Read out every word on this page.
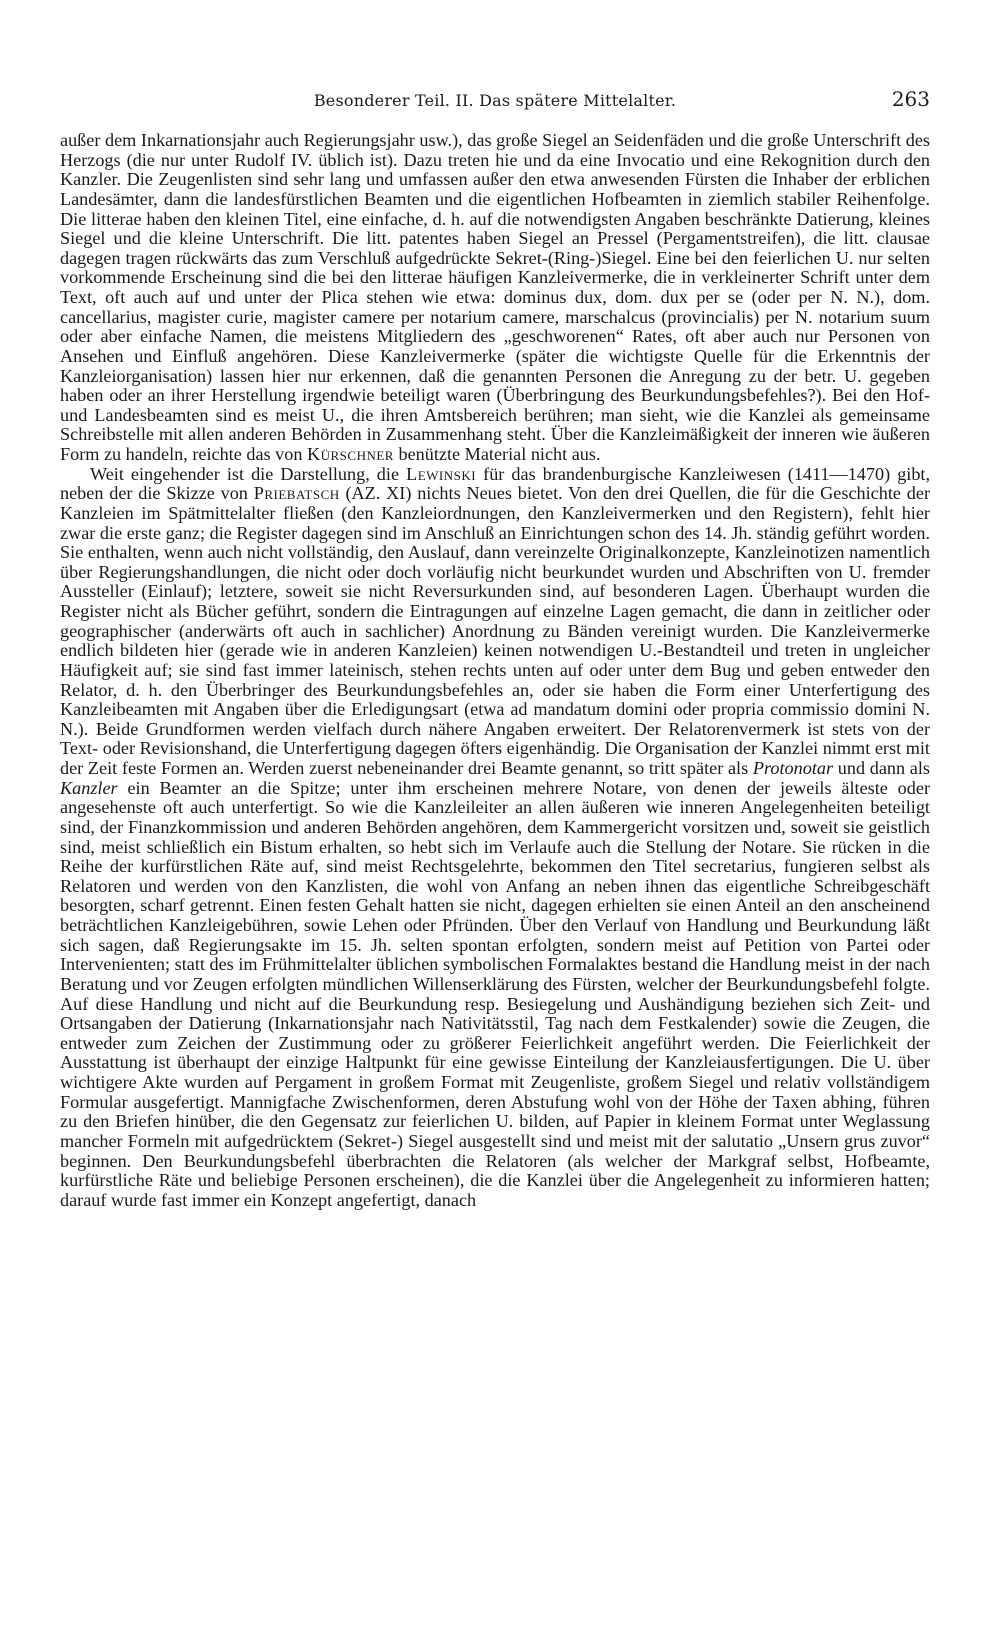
Besonderer Teil. II. Das spätere Mittelalter.	263

außer dem Inkarnationsjahr auch Regierungsjahr usw.), das große Siegel an Seidenfäden und die große Unterschrift des Herzogs (die nur unter Rudolf IV. üblich ist). Dazu treten hie und da eine Invocatio und eine Rekognition durch den Kanzler. Die Zeugenlisten sind sehr lang und umfassen außer den etwa anwesenden Fürsten die Inhaber der erblichen Landesämter, dann die landesfürstlichen Beamten und die eigentlichen Hofbeamten in ziemlich stabiler Reihenfolge. Die litterae haben den kleinen Titel, eine einfache, d. h. auf die notwendigsten Angaben beschränkte Datierung, kleines Siegel und die kleine Unterschrift. Die litt. patentes haben Siegel an Pressel (Pergamentstreifen), die litt. clausae dagegen tragen rückwärts das zum Verschluß aufgedrückte Sekret-(Ring-)Siegel. Eine bei den feierlichen U. nur selten vorkommende Erscheinung sind die bei den litterae häufigen Kanzleivermerke, die in verkleinerter Schrift unter dem Text, oft auch auf und unter der Plica stehen wie etwa: dominus dux, dom. dux per se (oder per N. N.), dom. cancellarius, magister curie, magister camere per notarium camere, marschalcus (provincialis) per N. notarium suum oder aber einfache Namen, die meistens Mitgliedern des „geschworenen“ Rates, oft aber auch nur Personen von Ansehen und Einfluß angehören. Diese Kanzleivermerke (später die wichtigste Quelle für die Erkenntnis der Kanzleiorganisation) lassen hier nur erkennen, daß die genannten Personen die Anregung zu der betr. U. gegeben haben oder an ihrer Herstellung irgendwie beteiligt waren (Überbringung des Beurkundungsbefehles?). Bei den Hof- und Landesbeamten sind es meist U., die ihren Amtsbereich berühren; man sieht, wie die Kanzlei als gemeinsame Schreibstelle mit allen anderen Behörden in Zusammenhang steht. Über die Kanzleimäßigkeit der inneren wie äußeren Form zu handeln, reichte das von Kürschner benützte Material nicht aus.

Weit eingehender ist die Darstellung, die Lewinski für das brandenburgische Kanzleiwesen (1411—1470) gibt, neben der die Skizze von Priebatsch (AZ. XI) nichts Neues bietet. Von den drei Quellen, die für die Geschichte der Kanzleien im Spätmittelalter fließen (den Kanzleiordnungen, den Kanzleivermerken und den Registern), fehlt hier zwar die erste ganz; die Register dagegen sind im Anschluß an Einrichtungen schon des 14. Jh. ständig geführt worden. Sie enthalten, wenn auch nicht vollständig, den Auslauf, dann vereinzelte Originalkonzepte, Kanzleinotizen namentlich über Regierungshandlungen, die nicht oder doch vorläufig nicht beurkundet wurden und Abschriften von U. fremder Aussteller (Einlauf); letztere, soweit sie nicht Reversurkunden sind, auf besonderen Lagen. Überhaupt wurden die Register nicht als Bücher geführt, sondern die Eintragungen auf einzelne Lagen gemacht, die dann in zeitlicher oder geographischer (anderwärts oft auch in sachlicher) Anordnung zu Bänden vereinigt wurden. Die Kanzleivermerke endlich bildeten hier (gerade wie in anderen Kanzleien) keinen notwendigen U.-Bestandteil und treten in ungleicher Häufigkeit auf; sie sind fast immer lateinisch, stehen rechts unten auf oder unter dem Bug und geben entweder den Relator, d. h. den Überbringer des Beurkundungsbefehles an, oder sie haben die Form einer Unterfertigung des Kanzleibeamten mit Angaben über die Erledigungsart (etwa ad mandatum domini oder propria commissio domini N. N.). Beide Grundformen werden vielfach durch nähere Angaben erweitert. Der Relatorenvermerk ist stets von der Text- oder Revisionshand, die Unterfertigung dagegen öfters eigenhändig. Die Organisation der Kanzlei nimmt erst mit der Zeit feste Formen an. Werden zuerst nebeneinander drei Beamte genannt, so tritt später als Protonotar und dann als Kanzler ein Beamter an die Spitze; unter ihm erscheinen mehrere Notare, von denen der jeweils älteste oder angesehenste oft auch unterfertigt. So wie die Kanzleileiter an allen äußeren wie inneren Angelegenheiten beteiligt sind, der Finanzkommission und anderen Behörden angehören, dem Kammergericht vorsitzen und, soweit sie geistlich sind, meist schließlich ein Bistum erhalten, so hebt sich im Verlaufe auch die Stellung der Notare. Sie rücken in die Reihe der kurfürstlichen Räte auf, sind meist Rechtsgelehrte, bekommen den Titel secretarius, fungieren selbst als Relatoren und werden von den Kanzlisten, die wohl von Anfang an neben ihnen das eigentliche Schreibgeschäft besorgten, scharf getrennt. Einen festen Gehalt hatten sie nicht, dagegen erhielten sie einen Anteil an den anscheinend beträchtlichen Kanzleigebühren, sowie Lehen oder Pfründen. Über den Verlauf von Handlung und Beurkundung läßt sich sagen, daß Regierungsakte im 15. Jh. selten spontan erfolgten, sondern meist auf Petition von Partei oder Intervenienten; statt des im Frühmittelalter üblichen symbolischen Formalaktes bestand die Handlung meist in der nach Beratung und vor Zeugen erfolgten mündlichen Willenserklärung des Fürsten, welcher der Beurkundungsbefehl folgte. Auf diese Handlung und nicht auf die Beurkundung resp. Besiegelung und Aushändigung beziehen sich Zeit- und Ortsangaben der Datierung (Inkarnationsjahr nach Nativitätsstil, Tag nach dem Festkalender) sowie die Zeugen, die entweder zum Zeichen der Zustimmung oder zu größerer Feierlichkeit angeführt werden. Die Feierlichkeit der Ausstattung ist überhaupt der einzige Haltpunkt für eine gewisse Einteilung der Kanzleiausfertigungen. Die U. über wichtigere Akte wurden auf Pergament in großem Format mit Zeugenliste, großem Siegel und relativ vollständigem Formular ausgefertigt. Mannigfache Zwischenformen, deren Abstufung wohl von der Höhe der Taxen abhing, führen zu den Briefen hinüber, die den Gegensatz zur feierlichen U. bilden, auf Papier in kleinem Format unter Weglassung mancher Formeln mit aufgedrücktem (Sekret-) Siegel ausgestellt sind und meist mit der salutatio „Unsern grus zuvor“ beginnen. Den Beurkundungsbefehl überbrachten die Relatoren (als welcher der Markgraf selbst, Hofbeamte, kurfürstliche Räte und beliebige Personen erscheinen), die die Kanzlei über die Angelegenheit zu informieren hatten; darauf wurde fast immer ein Konzept angefertigt, danach
